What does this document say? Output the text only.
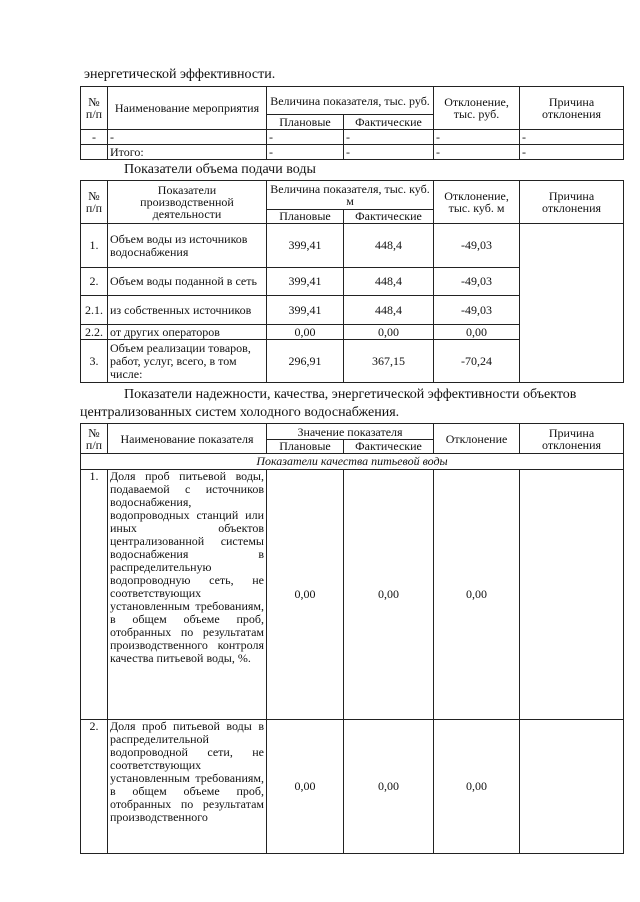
энергетической эффективности.
№ п/п	Наименование мероприятия	Величина показателя, тыс. руб.		Отклонение, тыс. руб.	Причина отклонения
		Плановые	Фактические		
-	-	-	-	-	-
	Итого:	-	-	-	-
Показатели объема подачи воды
№ п/п	Показатели производственной деятельности	Величина показателя, тыс. куб. м		Отклонение, тыс. куб. м	Причина отклонения
		Плановые	Фактические		
1.	Объем воды из источников водоснабжения	399,41	448,4	-49,03	
2.	Объем воды поданной в сеть	399,41	448,4	-49,03	
2.1.	из собственных источников	399,41	448,4	-49,03	
2.2.	от других операторов	0,00	0,00	0,00	
3.	Объем реализации товаров, работ, услуг, всего, в том числе:	296,91	367,15	-70,24	
Показатели надежности, качества, энергетической эффективности объектов
централизованных систем холодного водоснабжения.
№ п/п	Наименование показателя	Значение показателя		Отклонение	Причина отклонения
		Плановые	Фактические		
Показатели качества питьевой воды					
1.	Доля проб питьевой воды, подаваемой с источников водоснабжения, водопроводных станций или иных объектов централизованной системы водоснабжения в распределительную водопроводную сеть, не соответствующих установленным требованиям, в общем объеме проб, отобранных по результатам производственного контроля качества питьевой воды, %.	0,00	0,00	0,00	
2.	Доля проб питьевой воды в распределительной водопроводной сети, не соответствующих установленным требованиям, в общем объеме проб, отобранных по результатам производственного	0,00	0,00	0,00	
